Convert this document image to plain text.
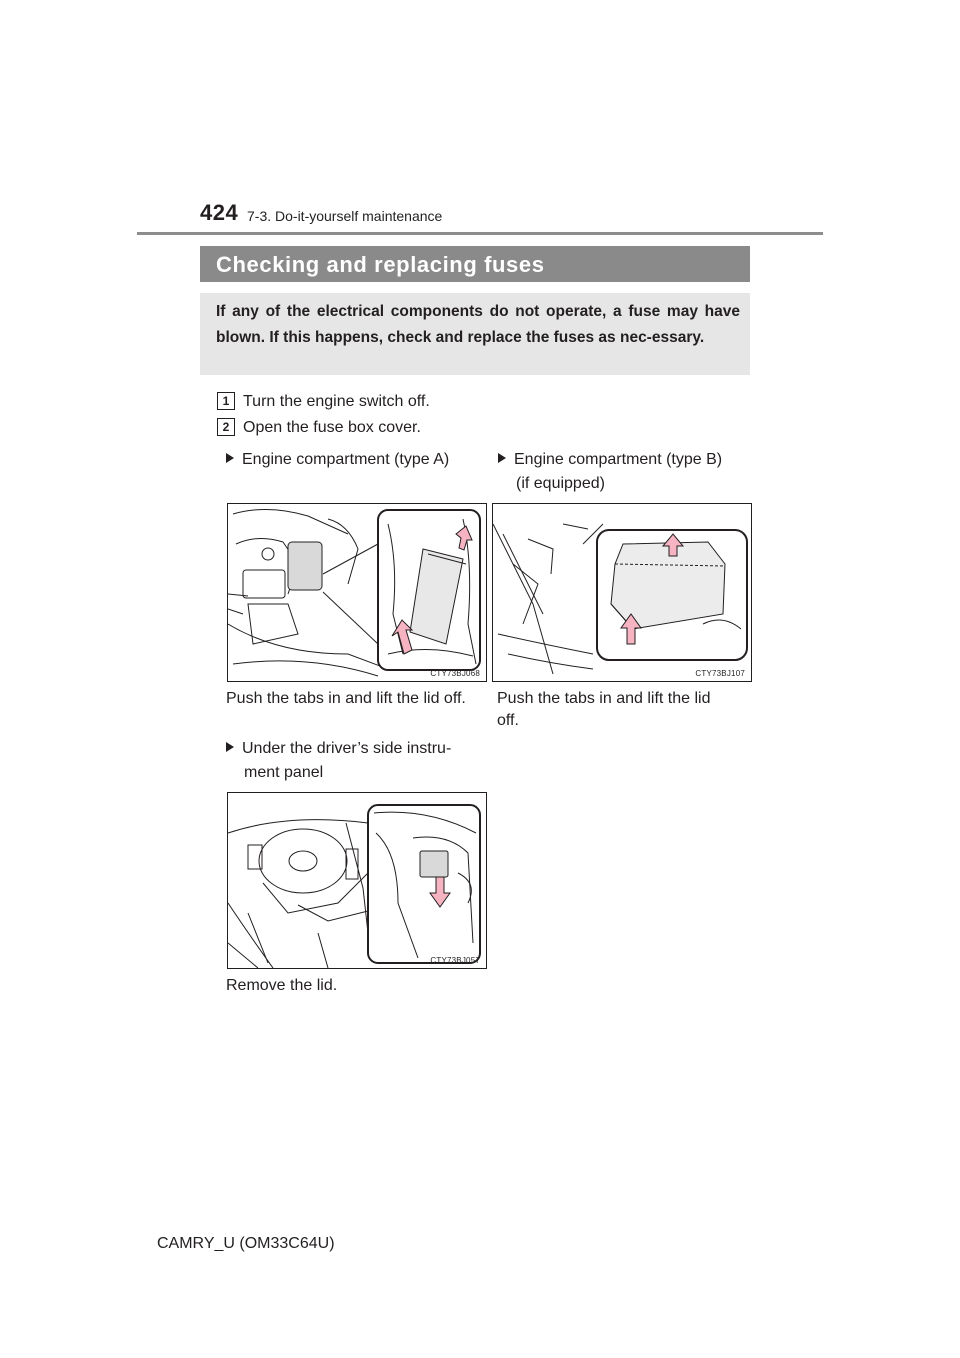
424 7-3. Do-it-yourself maintenance
Checking and replacing fuses
If any of the electrical components do not operate, a fuse may have blown. If this happens, check and replace the fuses as nec-essary.
1 Turn the engine switch off.
2 Open the fuse box cover.
Engine compartment (type A)	Engine compartment (type B)
(if equipped)
CTY73BJ068	CTY73BJ107
Push the tabs in and lift the lid off. Push the tabs in and lift the lid
off.
Under the driver’s side instru-
ment panel
CTY73BJ057
Remove the lid.
CAMRY_U (OM33C64U)
